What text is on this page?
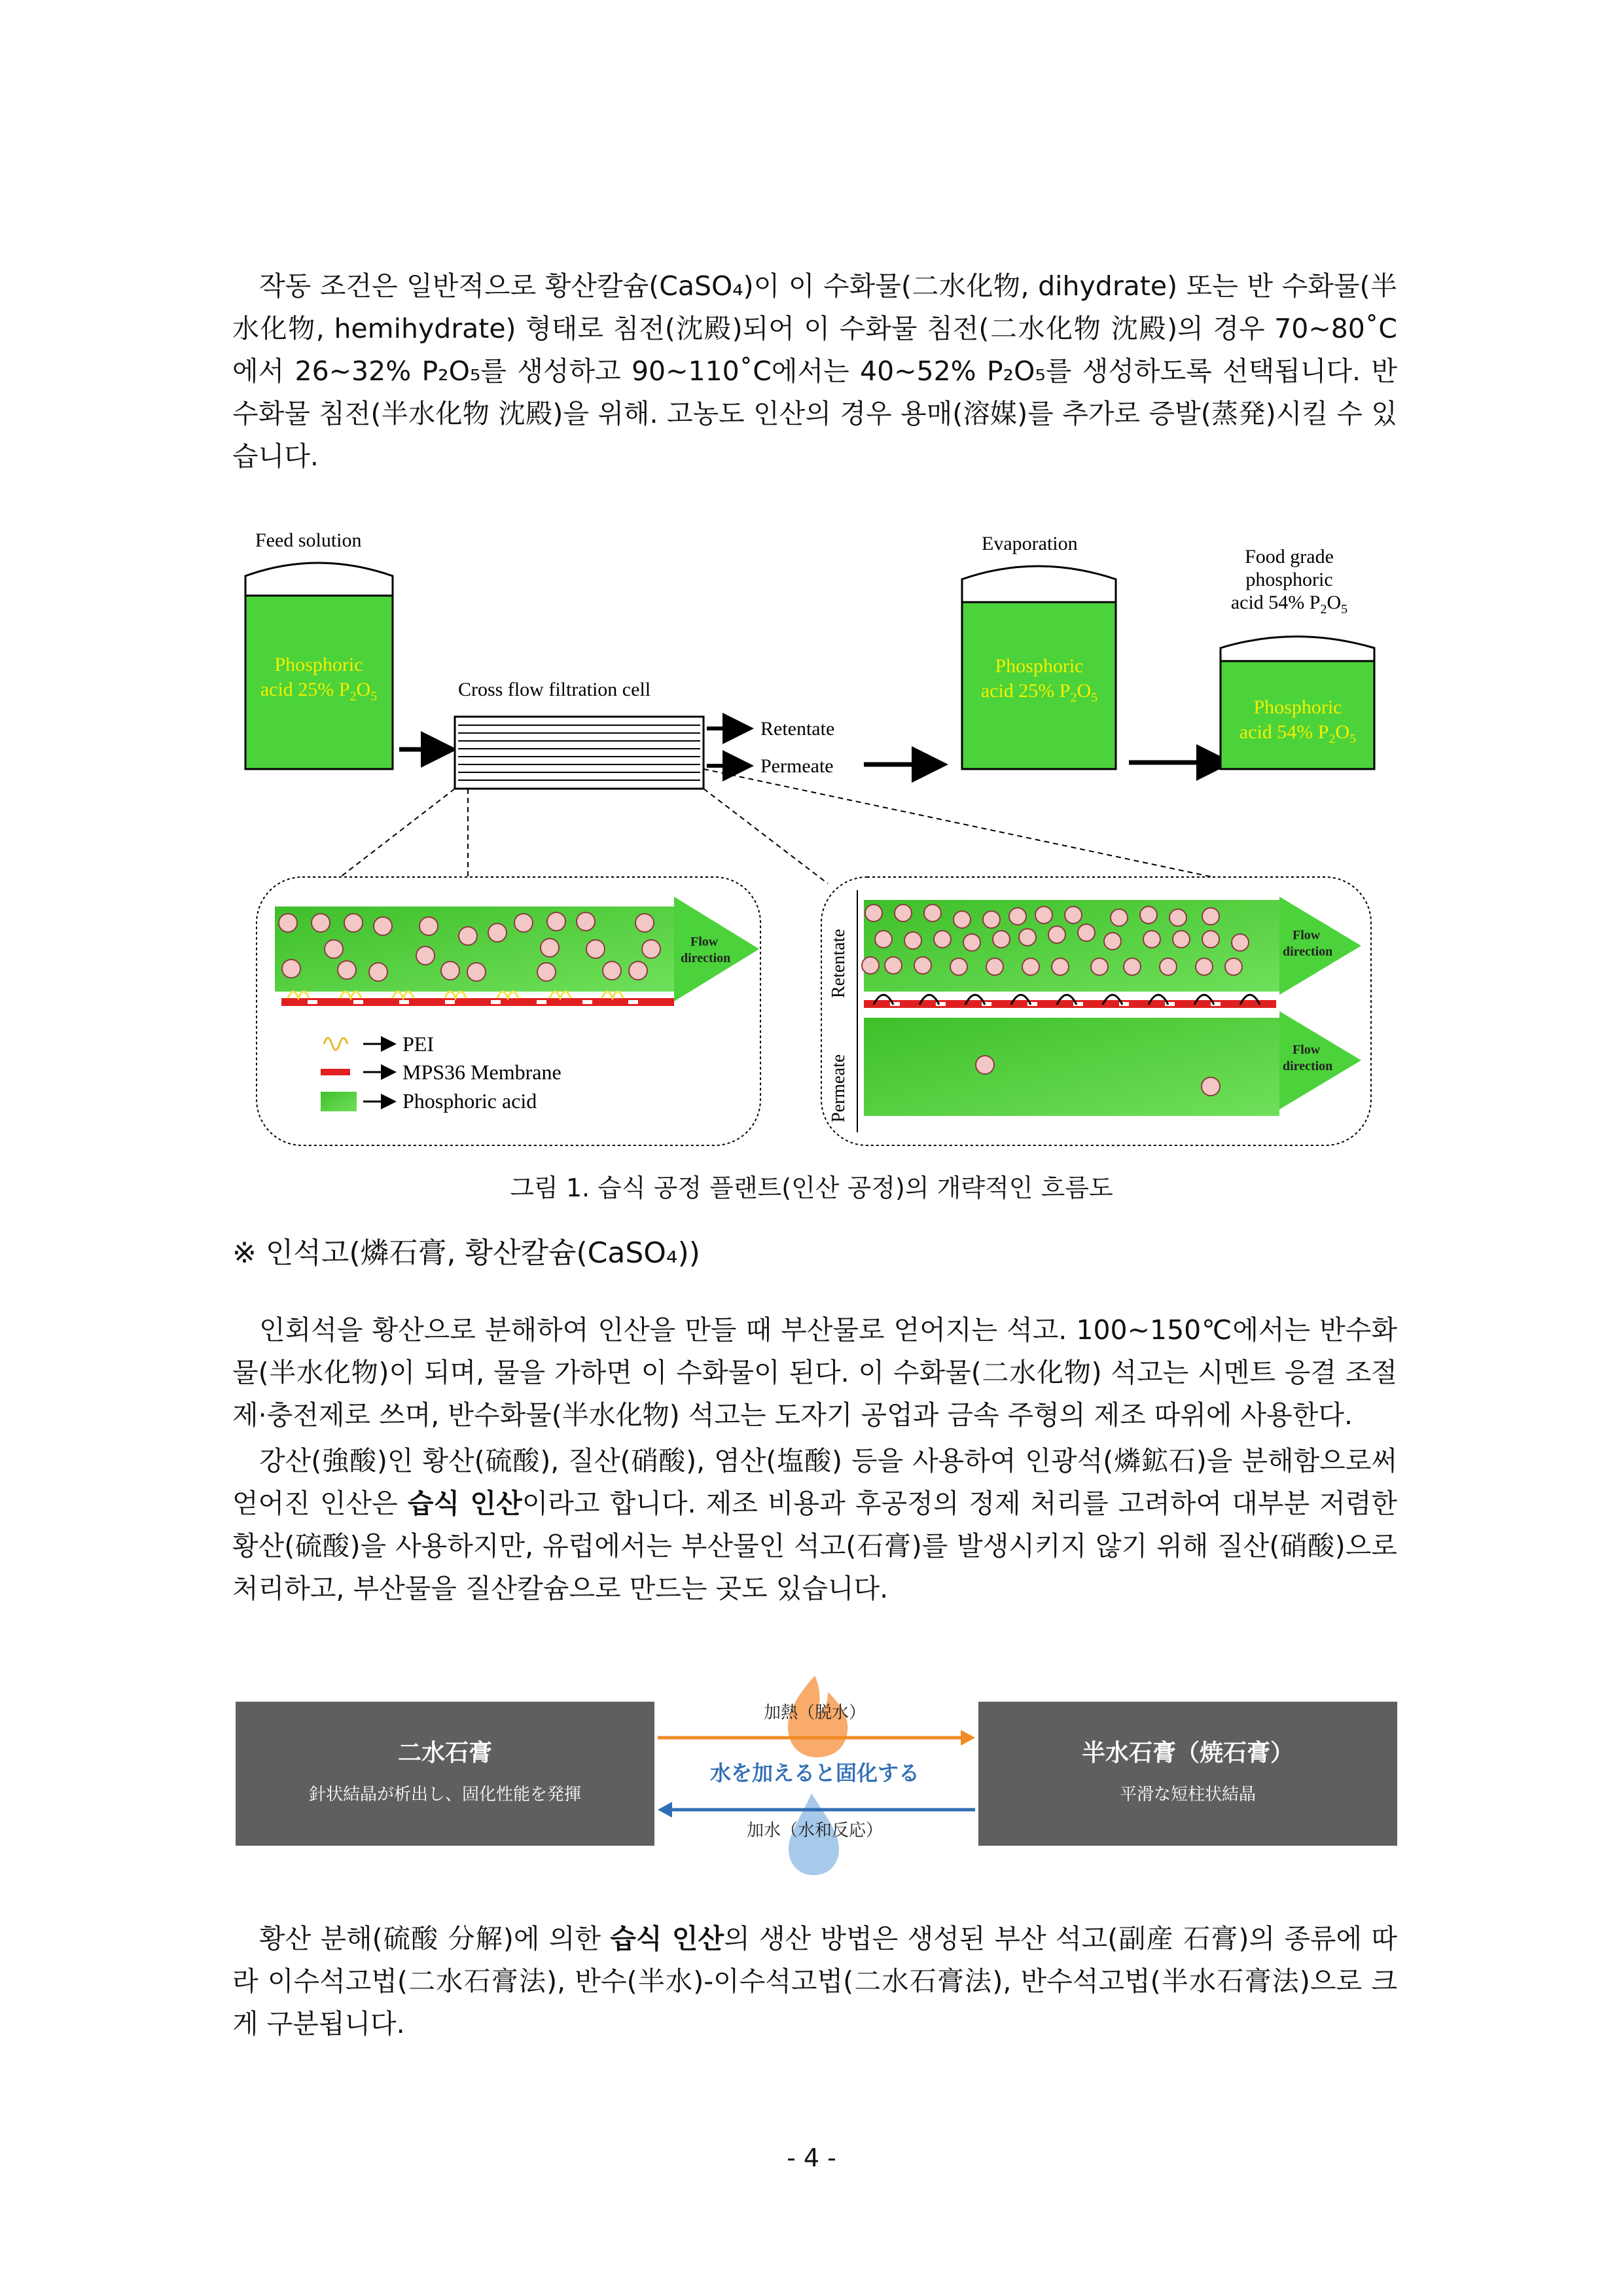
작동 조건은 일반적으로 황산칼슘(CaSO₄)이 이 수화물(二水化物, dihydrate) 또는 반 수화물(半水化物, hemihydrate) 형태로 침전(沈殿)되어 이 수화물 침전(二水化物 沈殿)의 경우 70~80˚C에서 26~32% P₂O₅를 생성하고 90~110˚C에서는 40~52% P₂O₅를 생성하도록 선택됩니다. 반 수화물 침전(半水化物 沈殿)을 위해. 고농도 인산의 경우 용매(溶媒)를 추가로 증발(蒸発)시킬 수 있습니다.

Feed solution
Phosphoric
acid 25% $P_2O_5$	Cross flow filtration cell
Retentate
Permeate
Evaporation
Phosphoric
acid 25% $P_2O_5$
Food grade
phosphoric
acid 54% $P_2O_5$
Phosphoric
acid 54% $P_2O_5$
Flow
direction
PEI
MPS36 Membrane
Phosphoric acid
Retentate
Permeate
Flow
direction
Flow
direction
그림 1. 습식 공정 플랜트(인산 공정)의 개략적인 흐름도
※ 인석고(燐石膏, 황산칼슘(CaSO₄))

인회석을 황산으로 분해하여 인산을 만들 때 부산물로 얻어지는 석고. 100~150℃에서는 반수화물(半水化物)이 되며, 물을 가하면 이 수화물이 된다. 이 수화물(二水化物) 석고는 시멘트 응결 조절제·충전제로 쓰며, 반수화물(半水化物) 석고는 도자기 공업과 금속 주형의 제조 따위에 사용한다.

강산(強酸)인 황산(硫酸), 질산(硝酸), 염산(塩酸) 등을 사용하여 인광석(燐鉱石)을 분해함으로써 얻어진 인산은 습식 인산이라고 합니다. 제조 비용과 후공정의 정제 처리를 고려하여 대부분 저렴한 황산(硫酸)을 사용하지만, 유럽에서는 부산물인 석고(石膏)를 발생시키지 않기 위해 질산(硝酸)으로 처리하고, 부산물을 질산칼슘으로 만드는 곳도 있습니다.

二水石膏
針状結晶が析出し、固化性能を発揮
半水石膏（焼石膏）
平滑な短柱状結晶
加熱（脱水）
水を加えると固化する
加水（水和反応）

황산 분해(硫酸 分解)에 의한 습식 인산의 생산 방법은 생성된 부산 석고(副産 石膏)의 종류에 따라 이수석고법(二水石膏法), 반수(半水)-이수석고법(二水石膏法), 반수석고법(半水石膏法)으로 크게 구분됩니다.

- 4 -
